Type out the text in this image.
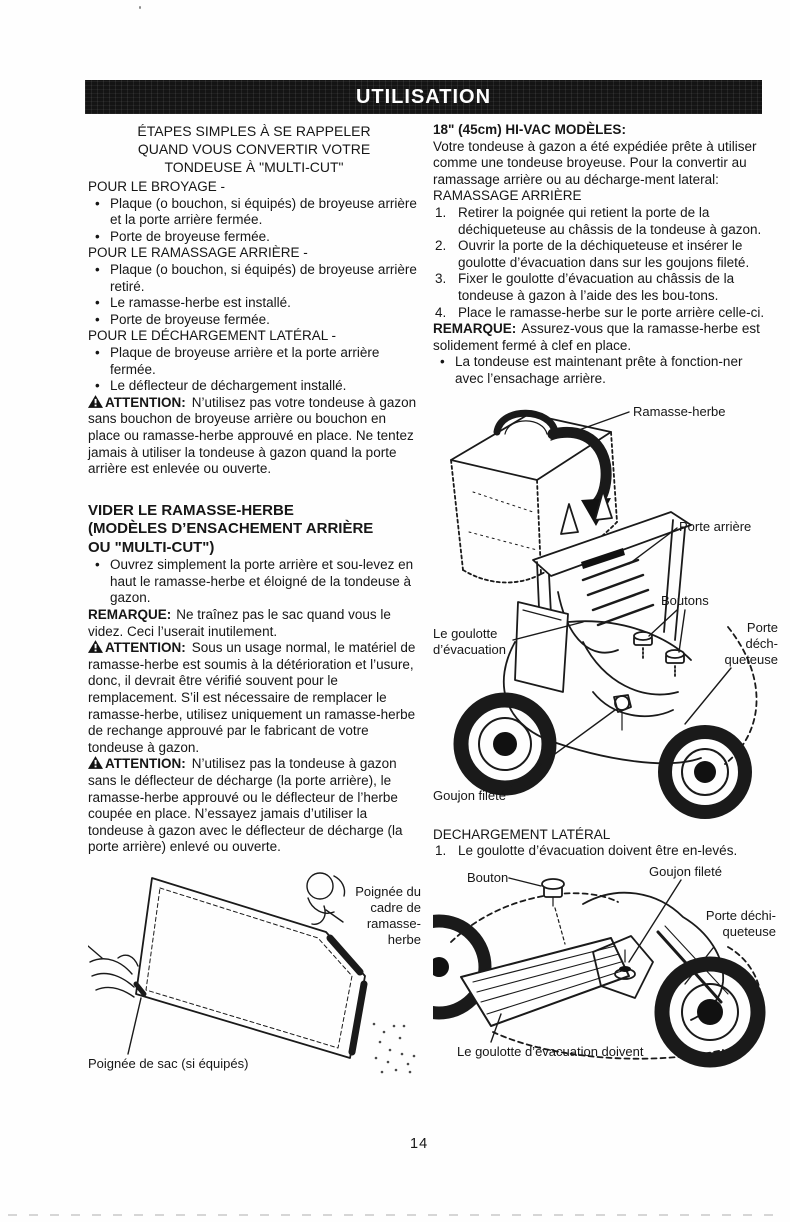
UTILISATION
ÉTAPES SIMPLES À SE RAPPELER
QUAND VOUS CONVERTIR VOTRE
TONDEUSE À "MULTI-CUT"

POUR LE BROYAGE -

• Plaque (o bouchon, si équipés) de broyeuse arrière et la porte arrière fermée.
• Porte de broyeuse fermée.

POUR LE RAMASSAGE ARRIÈRE -

• Plaque (o bouchon, si équipés) de broyeuse arrière retiré.
• Le ramasse-herbe est installé.
• Porte de broyeuse fermée.

POUR LE DÉCHARGEMENT LATÉRAL -

• Plaque de broyeuse arrière et la porte arrière fermée.
• Le déflecteur de déchargement installé.

ATTENTION: N’utilisez pas votre tondeuse à gazon sans bouchon de broyeuse arrière ou bouchon en place ou ramasse-herbe approuvé en place. Ne tentez jamais à utiliser la tondeuse à gazon quand la porte arrière est enlevée ou ouverte.

VIDER LE RAMASSE-HERBE
(MODÈLES D’ENSACHEMENT ARRIÈRE
OU "MULTI-CUT")
• Ouvrez simplement la porte arrière et sou-levez en haut le ramasse-herbe et éloigné de la tondeuse à gazon.

REMARQUE: Ne traînez pas le sac quand vous le videz. Ceci l’userait inutilement.

ATTENTION: Sous un usage normal, le matériel de ramasse-herbe est soumis à la détérioration et l’usure, donc, il devrait être vérifié souvent pour le remplacement. S’il est nécessaire de remplacer le ramasse-herbe, utilisez uniquement un ramasse-herbe de rechange approuvé par le fabricant de votre tondeuse à gazon.

ATTENTION: N’utilisez pas la tondeuse à gazon sans le déflecteur de décharge (la porte arrière), le ramasse-herbe approuvé ou le déflecteur de l’herbe coupée en place. N’essayez jamais d’utiliser la tondeuse à gazon avec le déflecteur de décharge (la porte arrière) enlevé ou ouverte.

Poignée du
cadre de
ramasse-
herbe
Poignée de sac (si équipés)

18" (45cm) HI-VAC MODÈLES:

Votre tondeuse à gazon a été expédiée prête à utiliser comme une tondeuse broyeuse. Pour la convertir au ramassage arrière ou au décharge-ment lateral:

RAMASSAGE ARRIÈRE

Retirer la poignée qui retient la porte de la déchiqueteuse au châssis de la tondeuse à gazon.
Ouvrir la porte de la déchiqueteuse et insérer le goulotte d’évacuation dans sur les goujons fileté.
Fixer le goulotte d’évacuation au châssis de la tondeuse à gazon à l’aide des les bou-tons.
Place le ramasse-herbe sur le porte arrière celle-ci.

REMARQUE: Assurez-vous que la ramasse-herbe est solidement fermé à clef en place.

• La tondeuse est maintenant prête à fonction-ner avec l’ensachage arrière.
Ramasse-herbe
Porte arrière
Boutons
Le goulotte
d’évacuation
Porte
déch-
queteuse
Goujon fileté

DECHARGEMENT LATÉRAL

Le goulotte d’évacuation doivent être en-levés.
Bouton	Goujon fileté
Porte déchi-
queteuse
Le goulotte d’évacuation doivent
14
